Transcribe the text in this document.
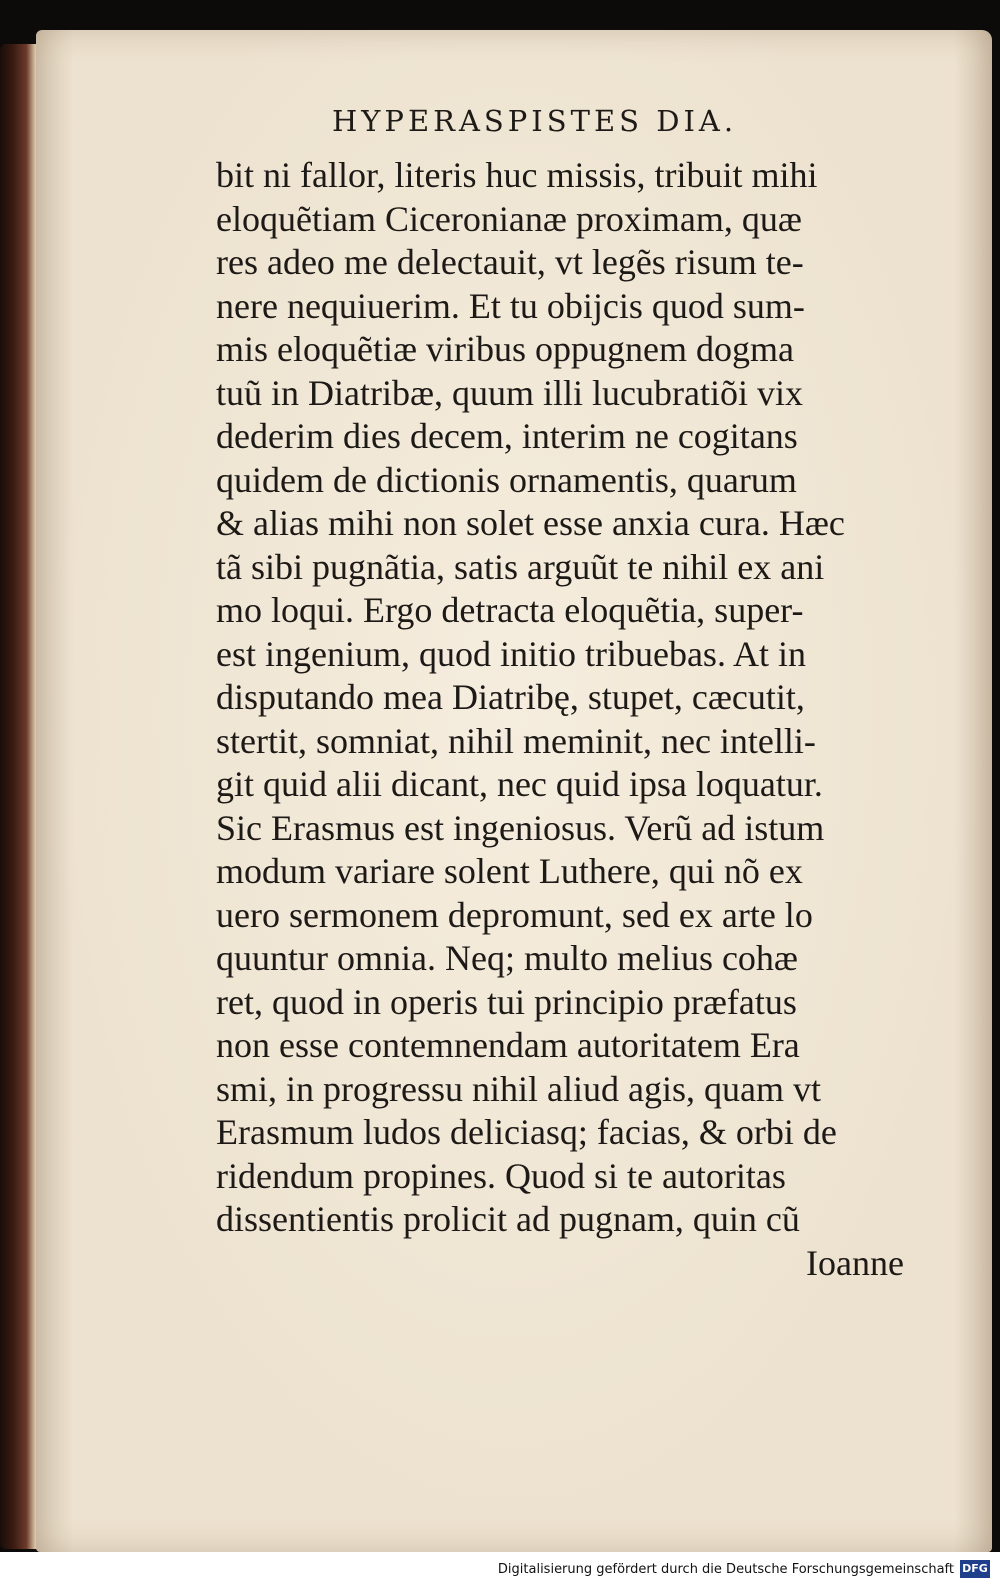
HYPERASPISTES DIA.
bit ni fallor, literis huc missis, tribuit mihi
eloquẽtiam Ciceronianæ proximam, quæ
res adeo me delectauit, vt legẽs risum te-
nere nequiuerim. Et tu obijcis quod sum-
mis eloquẽtiæ viribus oppugnem dogma
tuũ in Diatribæ, quum illi lucubratiõi vix
dederim dies decem, interim ne cogitans
quidem de dictionis ornamentis, quarum
& alias mihi non solet esse anxia cura. Hæc
tã sibi pugnãtia, satis arguũt te nihil ex ani
mo loqui. Ergo detracta eloquẽtia, super-
est ingenium, quod initio tribuebas. At in
disputando mea Diatribę, stupet, cæcutit,
stertit, somniat, nihil meminit, nec intelli-
git quid alii dicant, nec quid ipsa loquatur.
Sic Erasmus est ingeniosus. Verũ ad istum
modum variare solent Luthere, qui nõ ex
uero sermonem depromunt, sed ex arte lo
quuntur omnia. Neq; multo melius cohæ
ret, quod in operis tui principio præfatus
non esse contemnendam autoritatem Era
smi, in progressu nihil aliud agis, quam vt
Erasmum ludos deliciasq; facias, & orbi de
ridendum propines. Quod si te autoritas
dissentientis prolicit ad pugnam, quin cũ
Ioanne
Digitalisierung gefördert durch die Deutsche Forschungsgemeinschaft DFG
